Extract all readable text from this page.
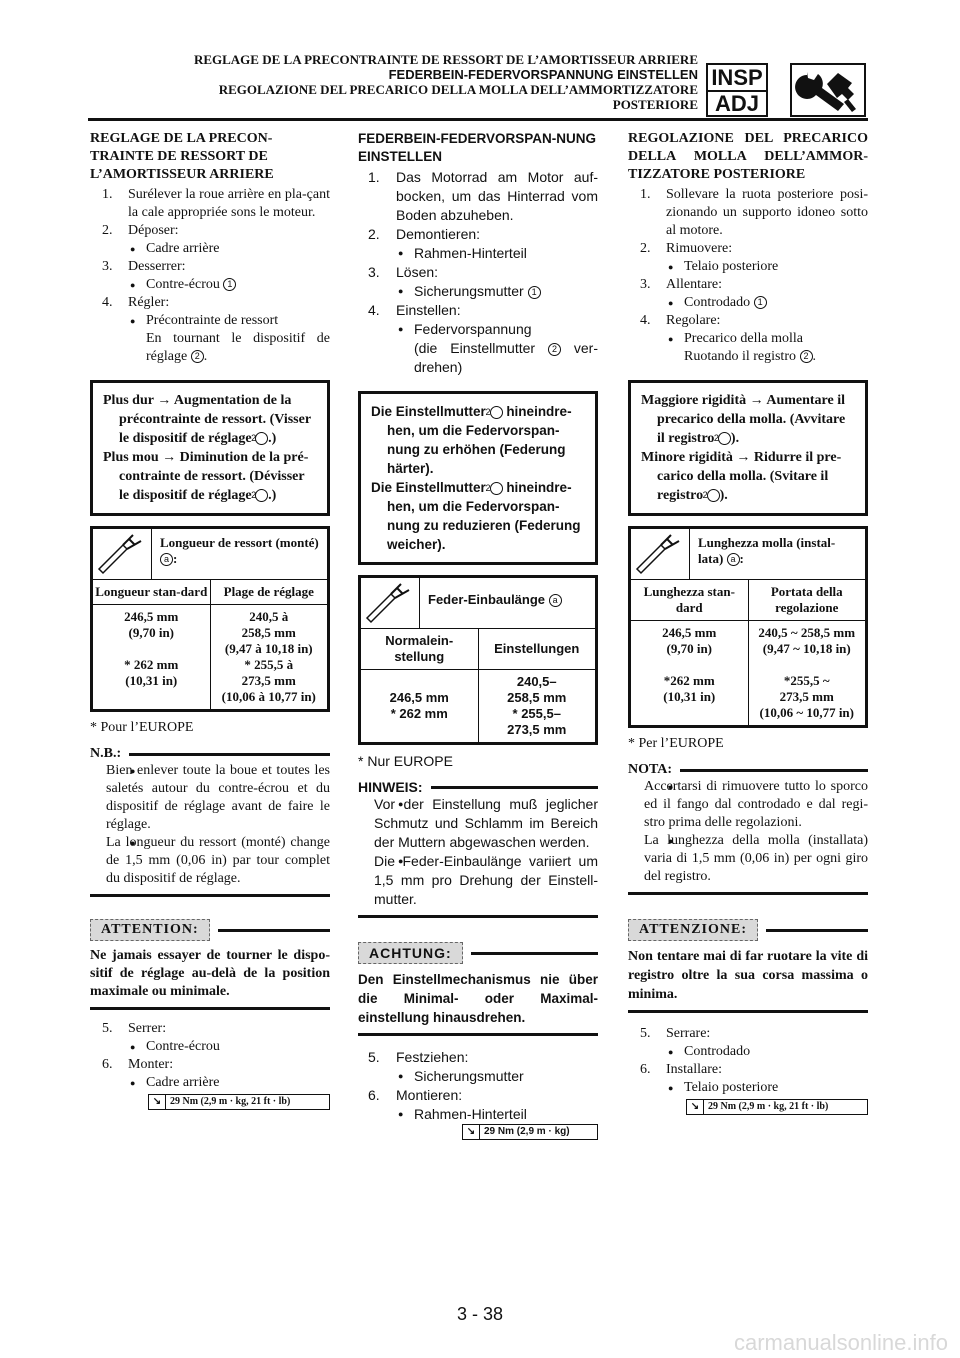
REGLAGE DE LA PRECONTRAINTE DE RESSORT DE L’AMORTISSEUR ARRIERE
FEDERBEIN-FEDERVORSPANNUNG EINSTELLEN
REGOLAZIONE DEL PRECARICO DELLA MOLLA DELL’AMMORTIZZATORE
POSTERIORE
INSP
ADJ
REGLAGE DE LA PRECON-TRAINTE DE RESSORT DE L’AMORTISSEUR ARRIERE
1. Surélever la roue arrière en pla-çant la cale appropriée sons le moteur.
2. Déposer:
● Cadre arrière
3. Desserrer:
● Contre-écrou 1
4. Régler:
● Précontrainte de ressort
En tournant le dispositif de réglage 2 .
Plus dur → Augmentation de la précontrainte de ressort. (Visser le dispositif de réglage 2 .)
Plus mou → Diminution de la pré-contrainte de ressort. (Dévisser le dispositif de réglage 2 .)
Longueur de ressort (monté) a :
Longueur stan-dard	Plage de réglage
246,5 mm
(9,70 in)
* 262 mm
(10,31 in)
240,5 à
258,5 mm
(9,47 à 10,18 in)
* 255,5 à
273,5 mm
(10,06 à 10,77 in)
* Pour l’EUROPE
N.B.:
● Bien enlever toute la boue et toutes les saletés autour du contre-écrou et du dispositif de réglage avant de faire le réglage.
● La longueur du ressort (monté) change de 1,5 mm (0,06 in) par tour complet du dispositif de réglage.
ATTENTION:
Ne jamais essayer de tourner le dispo-sitif de réglage au-delà de la position maximale ou minimale.
5. Serrer:
● Contre-écrou
6. Monter:
● Cadre arrière
↘ 29 Nm (2,9 m · kg, 21 ft · lb)
FEDERBEIN-FEDERVORSPAN-NUNG EINSTELLEN
1. Das Motorrad am Motor auf-bocken, um das Hinterrad vom Boden abzuheben.
2. Demontieren:
● Rahmen-Hinterteil
3. Lösen:
● Sicherungsmutter 1
4. Einstellen:
● Federvorspannung
(die Einstellmutter 2 ver-drehen)
Die Einstellmutter 2 hineindre-hen, um die Federvorspan-nung zu erhöhen (Federung härter).
Die Einstellmutter 2 hineindre-hen, um die Federvorspan-nung zu reduzieren (Federung weicher).
Feder-Einbaulänge a
Normalein-stellung
Einstellungen
246,5 mm
* 262 mm
240,5–
258,5 mm
* 255,5–
273,5 mm
* Nur EUROPE
HINWEIS:
● Vor der Einstellung muß jeglicher Schmutz und Schlamm im Bereich der Muttern abgewaschen werden.
● Die Feder-Einbaulänge variiert um 1,5 mm pro Drehung der Einstell-mutter.
ACHTUNG:
Den Einstellmechanismus nie über die Minimal- oder Maximal-einstellung hinausdrehen.
5. Festziehen:
● Sicherungsmutter
6. Montieren:
● Rahmen-Hinterteil
↘ 29 Nm (2,9 m · kg)
REGOLAZIONE DEL PRECARICO DELLA MOLLA DELL’AMMOR-TIZZATORE POSTERIORE
1. Sollevare la ruota posteriore posi-zionando un supporto idoneo sotto al motore.
2. Rimuovere:
● Telaio posteriore
3. Allentare:
● Controdado 1
4. Regolare:
● Precarico della molla
Ruotando il registro 2 .
Maggiore rigidità → Aumentare il precarico della molla. (Avvitare il registro 2 ).
Minore rigidità → Ridurre il pre-carico della molla. (Svitare il registro 2 ).
Lunghezza molla (instal-lata) a :
Lunghezza stan-dard
Portata della regolazione
246,5 mm
(9,70 in)
*262 mm
(10,31 in)
240,5 ~ 258,5 mm
(9,47 ~ 10,18 in)
*255,5 ~
273,5 mm
(10,06 ~ 10,77 in)
* Per l’EUROPE
NOTA:
● Accertarsi di rimuovere tutto lo sporco ed il fango dal controdado e dal regi-stro prima delle regolazioni.
● La lunghezza della molla (installata) varia di 1,5 mm (0,06 in) per ogni giro del registro.
ATTENZIONE:
Non tentare mai di far ruotare la vite di registro oltre la sua corsa massima o minima.
5. Serrare:
● Controdado
6. Installare:
● Telaio posteriore
↘ 29 Nm (2,9 m · kg, 21 ft · lb)
3 - 38
carmanualsonline.info
